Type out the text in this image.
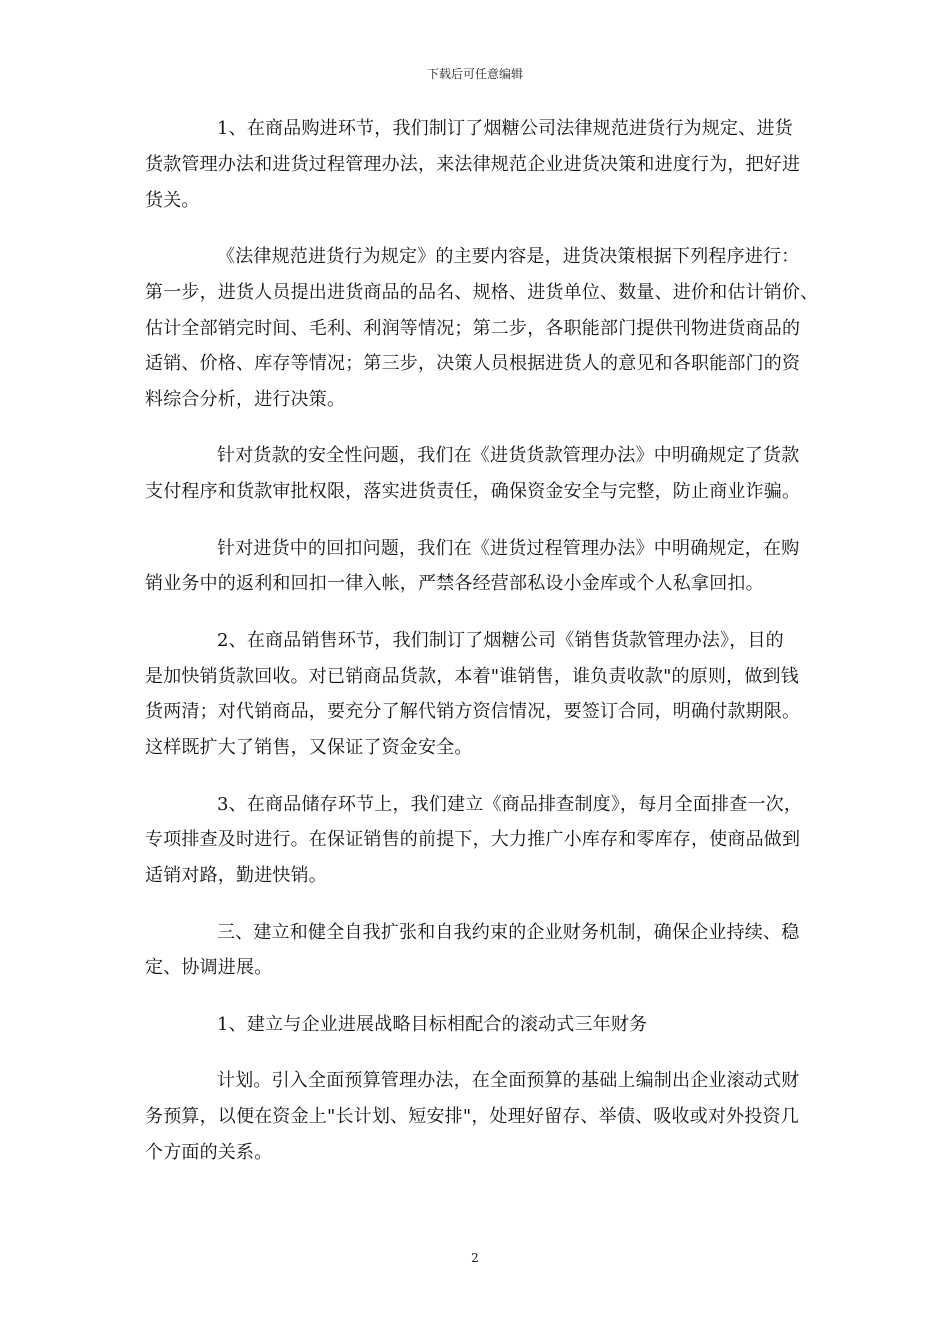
下载后可任意编辑
1、在商品购进环节，我们制订了烟糖公司法律规范进货行为规定、进货
货款管理办法和进货过程管理办法，来法律规范企业进货决策和进度行为，把好进
货关。
《法律规范进货行为规定》的主要内容是，进货决策根据下列程序进行：
第一步，进货人员提出进货商品的品名、规格、进货单位、数量、进价和估计销价、
估计全部销完时间、毛利、利润等情况；第二步，各职能部门提供刊物进货商品的
适销、价格、库存等情况；第三步，决策人员根据进货人的意见和各职能部门的资
料综合分析，进行决策。
针对货款的安全性问题，我们在《进货货款管理办法》中明确规定了货款
支付程序和货款审批权限，落实进货责任，确保资金安全与完整，防止商业诈骗。
针对进货中的回扣问题，我们在《进货过程管理办法》中明确规定，在购
销业务中的返利和回扣一律入帐，严禁各经营部私设小金库或个人私拿回扣。
2、在商品销售环节，我们制订了烟糖公司《销售货款管理办法》，目的
是加快销货款回收。对已销商品货款，本着"谁销售，谁负责收款"的原则，做到钱
货两清；对代销商品，要充分了解代销方资信情况，要签订合同，明确付款期限。
这样既扩大了销售，又保证了资金安全。
3、在商品储存环节上，我们建立《商品排查制度》，每月全面排查一次，
专项排查及时进行。在保证销售的前提下，大力推广小库存和零库存，使商品做到
适销对路，勤进快销。
三、建立和健全自我扩张和自我约束的企业财务机制，确保企业持续、稳
定、协调进展。
1、建立与企业进展战略目标相配合的滚动式三年财务
计划。引入全面预算管理办法，在全面预算的基础上编制出企业滚动式财
务预算，以便在资金上"长计划、短安排"，处理好留存、举债、吸收或对外投资几
个方面的关系。
2
